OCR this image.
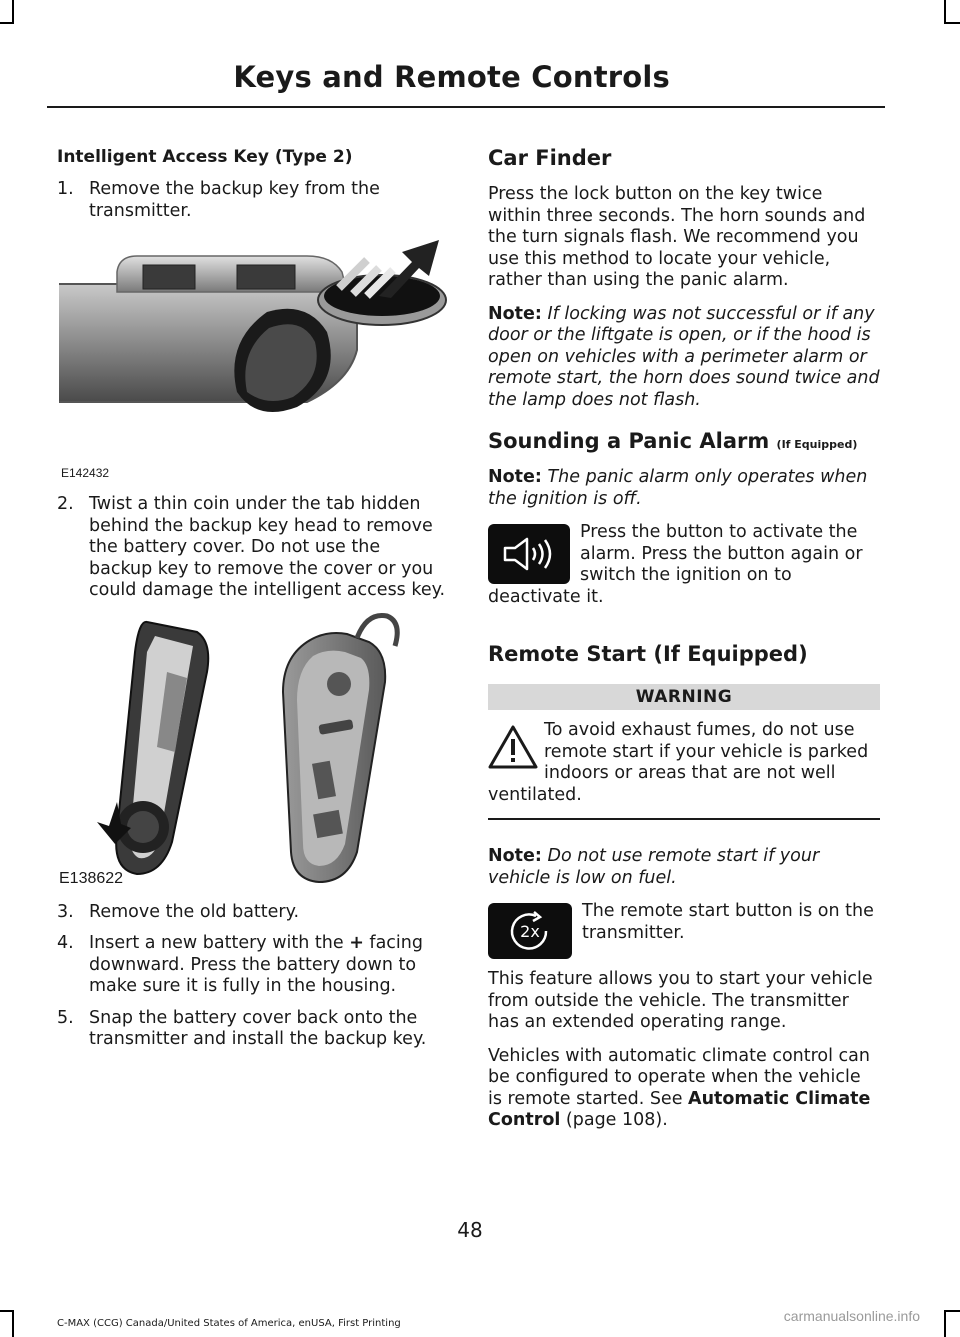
Keys and Remote Controls
Intelligent Access Key (Type 2)
1. Remove the backup key from the transmitter.
E142432
2. Twist a thin coin under the tab hidden behind the backup key head to remove the battery cover. Do not use the backup key to remove the cover or you could damage the intelligent access key.
E138622
3. Remove the old battery.
4. Insert a new battery with the + facing downward. Press the battery down to make sure it is fully in the housing.
5. Snap the battery cover back onto the transmitter and install the backup key.
Car Finder

Press the lock button on the key twice within three seconds. The horn sounds and the turn signals flash. We recommend you use this method to locate your vehicle, rather than using the panic alarm.

Note: If locking was not successful or if any door or the liftgate is open, or if the hood is open on vehicles with a perimeter alarm or remote start, the horn does sound twice and the lamp does not flash.

Sounding a Panic Alarm (If Equipped)

Note: The panic alarm only operates when the ignition is off.

Press the button to activate the alarm. Press the button again or switch the ignition on to deactivate it.

Remote Start (If Equipped)
WARNING

To avoid exhaust fumes, do not use remote start if your vehicle is parked indoors or areas that are not well ventilated.

Note: Do not use remote start if your vehicle is low on fuel.

2x

The remote start button is on the transmitter.

This feature allows you to start your vehicle from outside the vehicle. The transmitter has an extended operating range.

Vehicles with automatic climate control can be configured to operate when the vehicle is remote started. See Automatic Climate Control (page 108).

48
C-MAX (CCG) Canada/United States of America, enUSA, First Printing	carmanualsonline.info
